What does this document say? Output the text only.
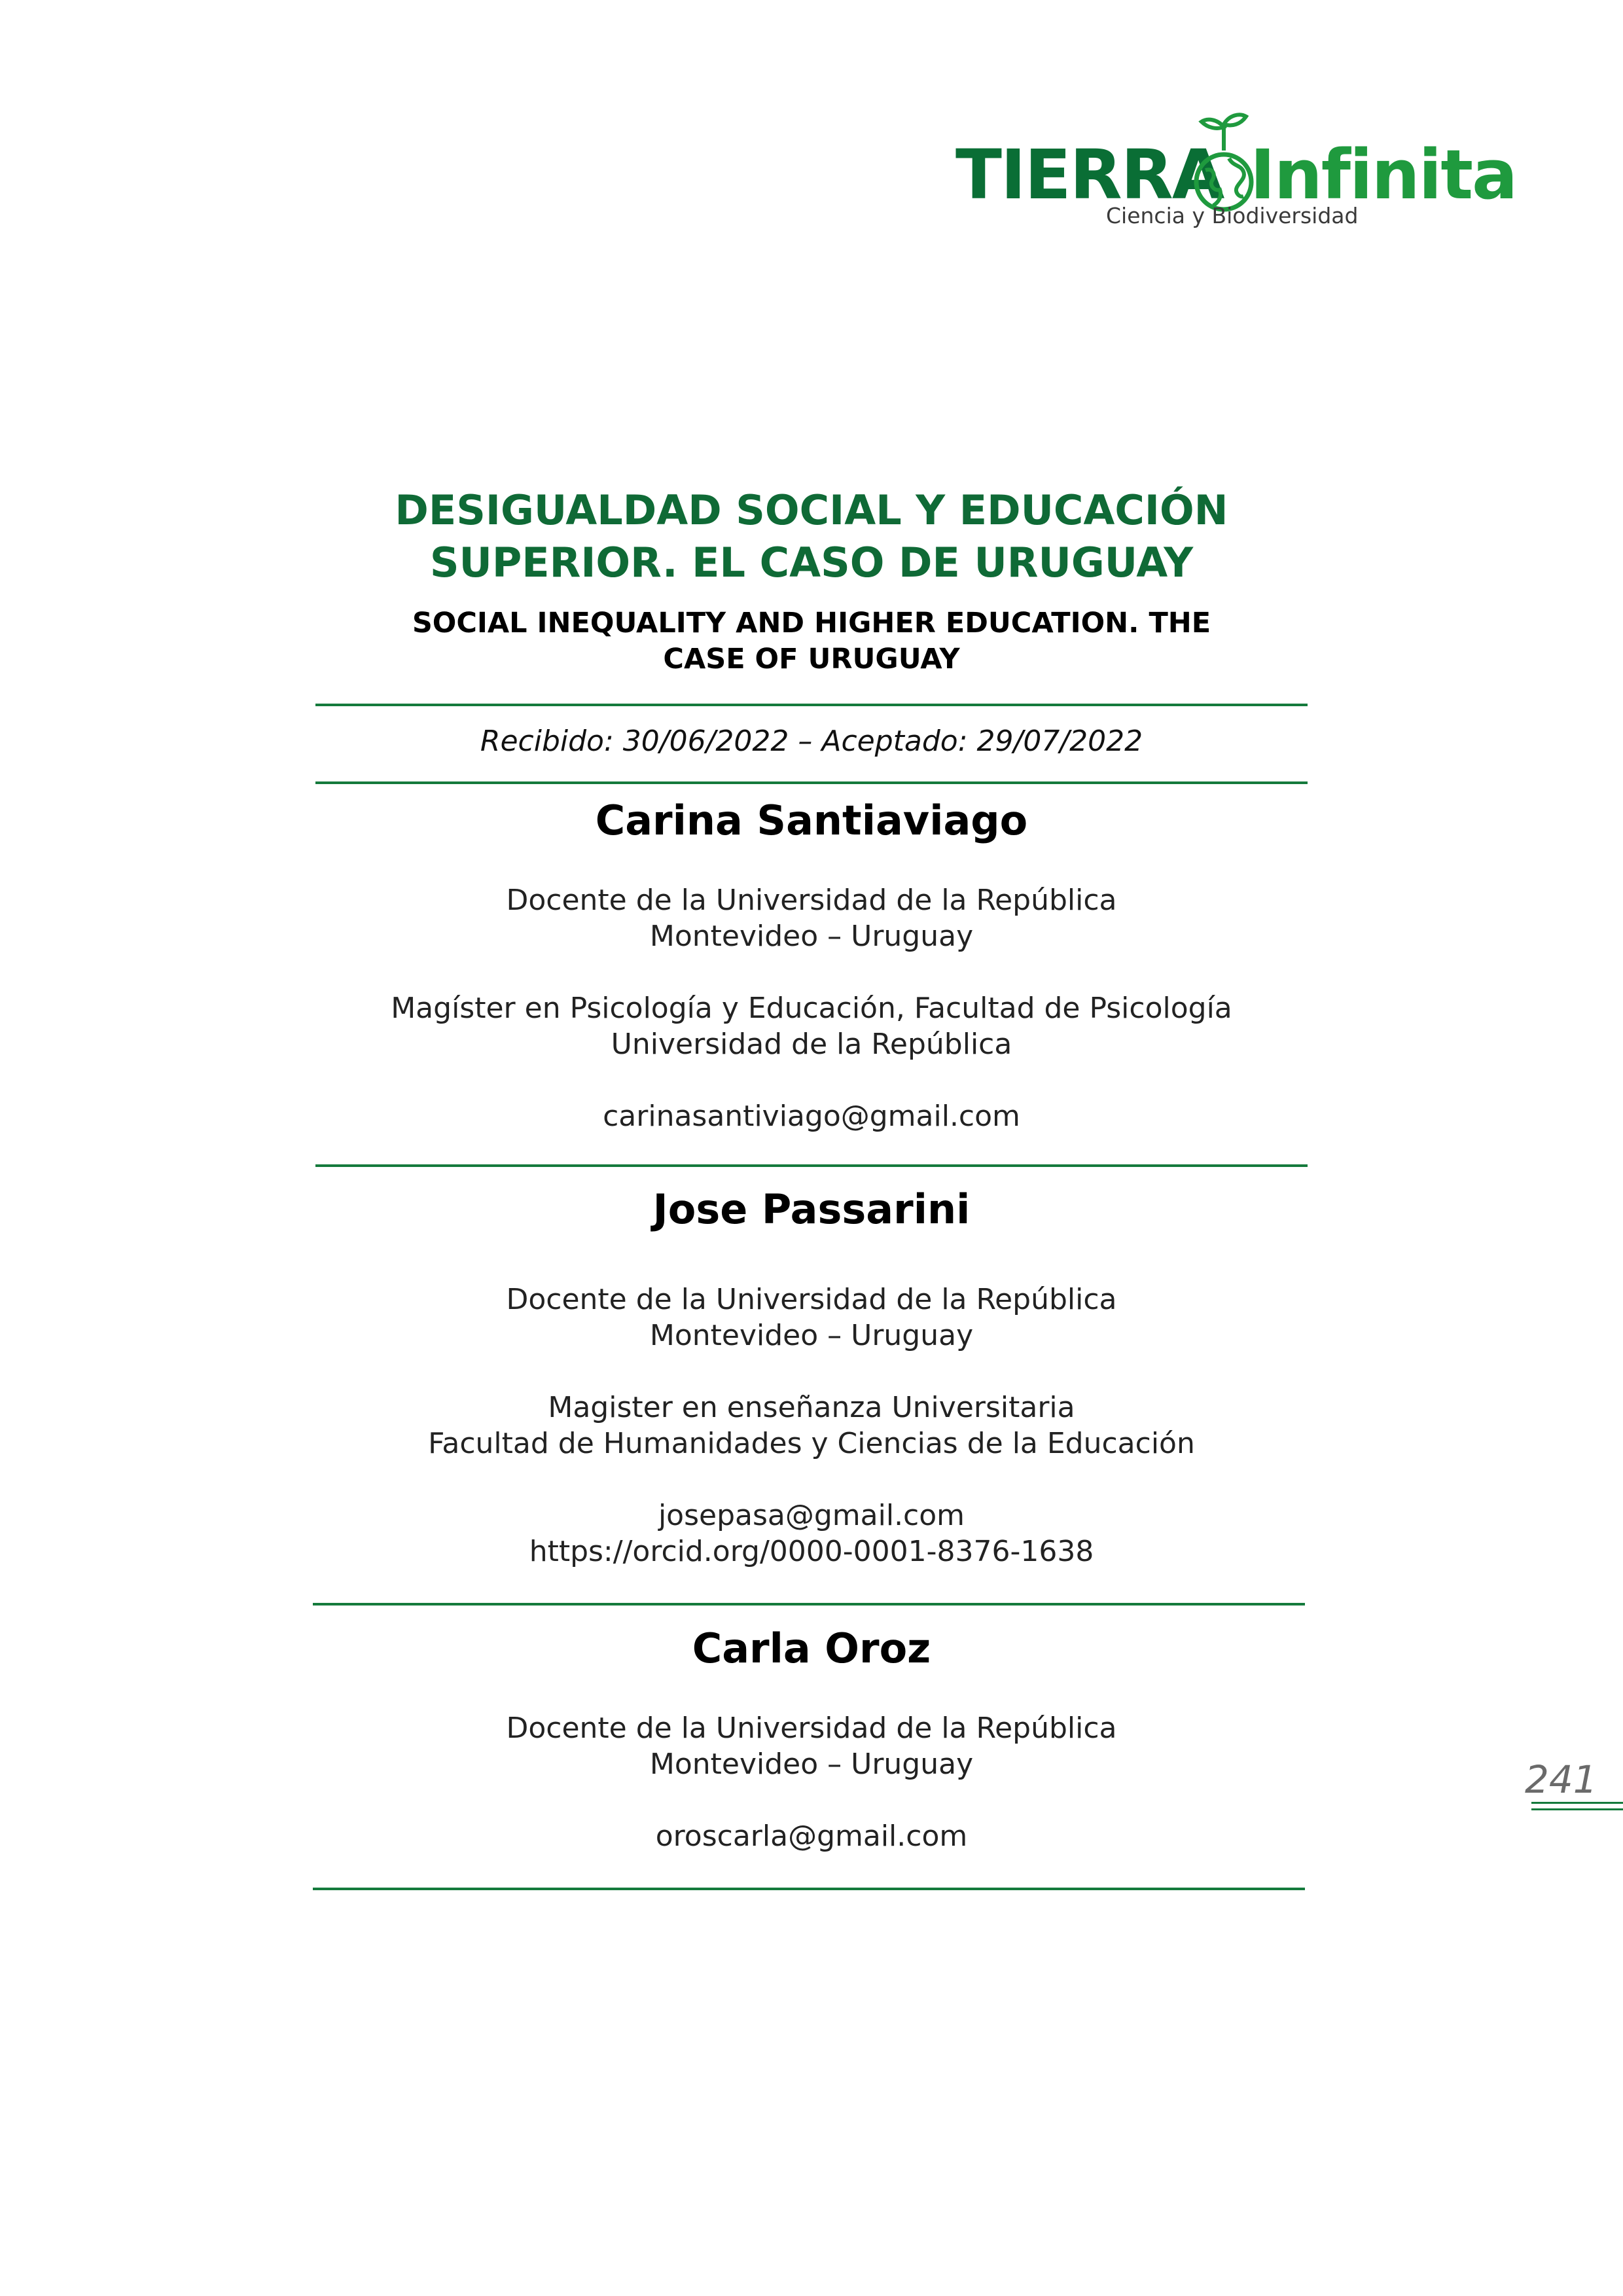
TIERRA Infinita
Ciencia y Biodiversidad
DESIGUALDAD SOCIAL Y EDUCACIÓN
SUPERIOR. EL CASO DE URUGUAY
SOCIAL INEQUALITY AND HIGHER EDUCATION. THE
CASE OF URUGUAY
Recibido: 30/06/2022 – Aceptado: 29/07/2022
Carina Santiaviago
Docente de la Universidad de la República
Montevideo – Uruguay
Magíster en Psicología y Educación, Facultad de Psicología
Universidad de la República
carinasantiviago@gmail.com
Jose Passarini
Docente de la Universidad de la República
Montevideo – Uruguay
Magister en enseñanza Universitaria
Facultad de Humanidades y Ciencias de la Educación
josepasa@gmail.com
https://orcid.org/0000-0001-8376-1638
Carla Oroz
Docente de la Universidad de la República
Montevideo – Uruguay
oroscarla@gmail.com
241
